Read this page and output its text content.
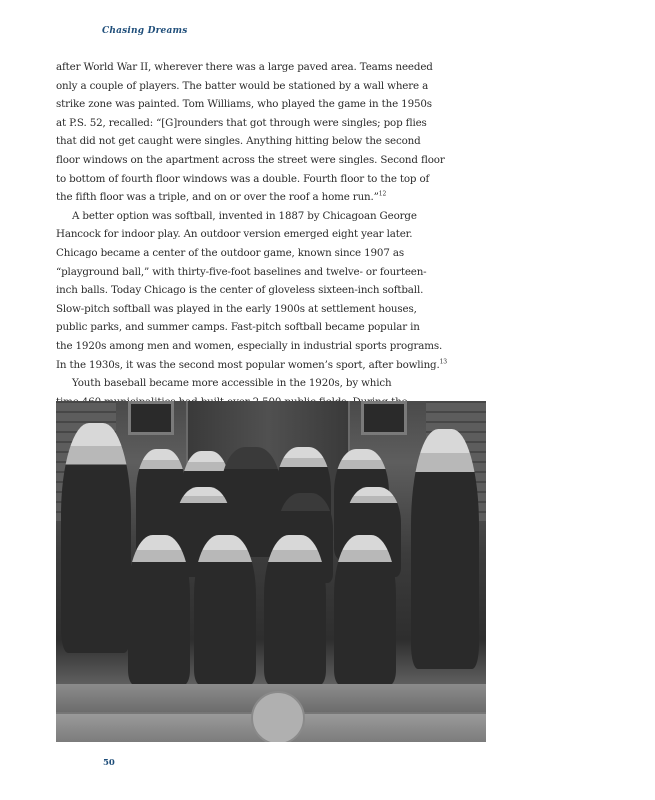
Chasing Dreams
after World War II, wherever there was a large paved area. Teams needed
only a couple of players. The batter would be stationed by a wall where a
strike zone was painted. Tom Williams, who played the game in the 1950s
at P.S. 52, recalled: “[G]rounders that got through were singles; pop flies
that did not get caught were singles. Anything hitting below the second
floor windows on the apartment across the street were singles. Second floor
to bottom of fourth floor windows was a double. Fourth floor to the top of
the fifth floor was a triple, and on or over the roof a home run.”$^{12}$
A better option was softball, invented in 1887 by Chicagoan George
Hancock for indoor play. An outdoor version emerged eight year later.
Chicago became a center of the outdoor game, known since 1907 as
“playground ball,” with thirty-five-foot baselines and twelve- or fourteen-
inch balls. Today Chicago is the center of gloveless sixteen-inch softball.
Slow-pitch softball was played in the early 1900s at settlement houses,
public parks, and summer camps. Fast-pitch softball became popular in
the 1920s among men and women, especially in industrial sports programs.
In the 1930s, it was the second most popular women’s sport, after bowling.$^{13}$
Youth baseball became more accessible in the 1920s, by which
50
